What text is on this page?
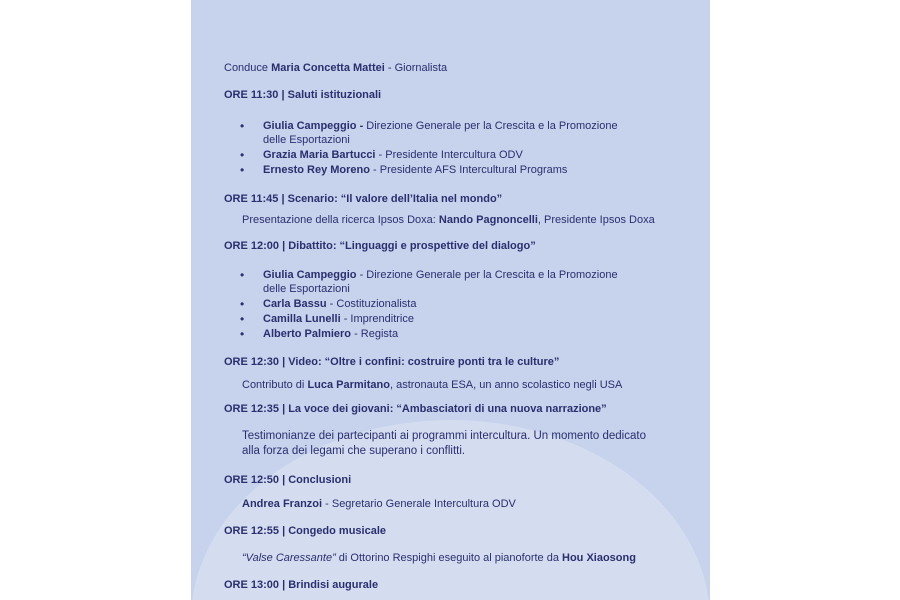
Conduce Maria Concetta Mattei - Giornalista
ORE 11:30 | Saluti istituzionali
• Giulia Campeggio - Direzione Generale per la Crescita e la Promozione
delle Esportazioni
• Grazia Maria Bartucci - Presidente Intercultura ODV
• Ernesto Rey Moreno - Presidente AFS Intercultural Programs
ORE 11:45 | Scenario: “Il valore dell’Italia nel mondo”
Presentazione della ricerca Ipsos Doxa: Nando Pagnoncelli, Presidente Ipsos Doxa
ORE 12:00 | Dibattito: “Linguaggi e prospettive del dialogo”
• Giulia Campeggio - Direzione Generale per la Crescita e la Promozione
delle Esportazioni
• Carla Bassu - Costituzionalista
• Camilla Lunelli - Imprenditrice
• Alberto Palmiero - Regista
ORE 12:30 | Video: “Oltre i confini: costruire ponti tra le culture”
Contributo di Luca Parmitano, astronauta ESA, un anno scolastico negli USA
ORE 12:35 | La voce dei giovani: “Ambasciatori di una nuova narrazione”
Testimonianze dei partecipanti ai programmi intercultura. Un momento dedicato
alla forza dei legami che superano i conflitti.
ORE 12:50 | Conclusioni
Andrea Franzoi - Segretario Generale Intercultura ODV
ORE 12:55 | Congedo musicale
“Valse Caressante” di Ottorino Respighi eseguito al pianoforte da Hou Xiaosong
ORE 13:00 | Brindisi augurale
